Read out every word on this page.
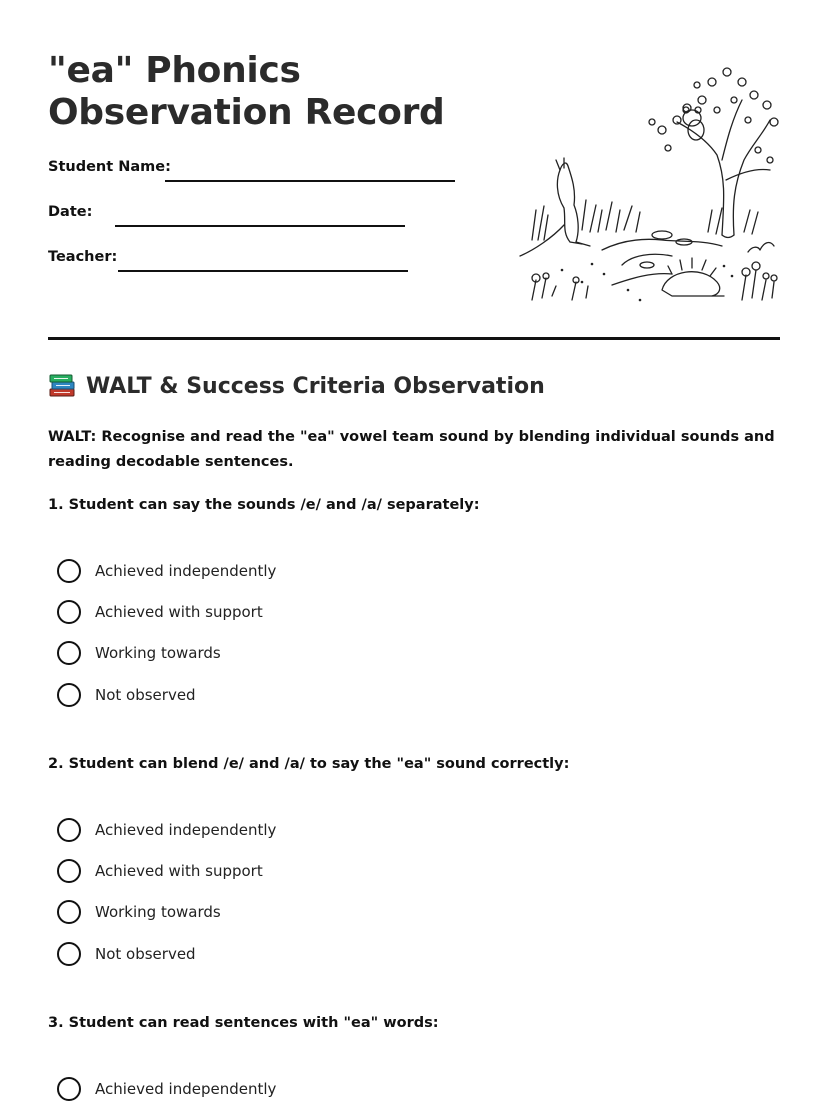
"ea" Phonics
Observation Record
Student Name:
Date:
Teacher:
WALT & Success Criteria Observation

WALT: Recognise and read the "ea" vowel team sound by blending individual sounds and reading decodable sentences.

1. Student can say the sounds /e/ and /a/ separately:

Achieved independently
Achieved with support
Working towards
Not observed

2. Student can blend /e/ and /a/ to say the "ea" sound correctly:

Achieved independently
Achieved with support
Working towards
Not observed

3. Student can read sentences with "ea" words:

Achieved independently
